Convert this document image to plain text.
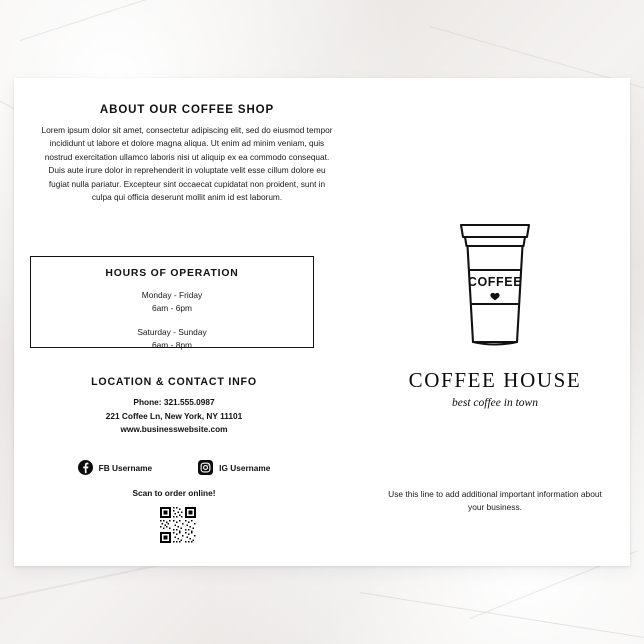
ABOUT OUR COFFEE SHOP
Lorem ipsum dolor sit amet, consectetur adipiscing elit, sed do eiusmod tempor incididunt ut labore et dolore magna aliqua. Ut enim ad minim veniam, quis nostrud exercitation ullamco laboris nisi ut aliquip ex ea commodo consequat. Duis aute irure dolor in reprehenderit in voluptate velit esse cillum dolore eu fugiat nulla pariatur. Excepteur sint occaecat cupidatat non proident, sunt in culpa qui officia deserunt mollit anim id est laborum.
HOURS OF OPERATION
Monday - Friday
6am - 6pm
Saturday - Sunday
6am - 8pm
LOCATION & CONTACT INFO
Phone: 321.555.0987
221 Coffee Ln, New York, NY 11101
www.businesswebsite.com
FB Username	IG Username
Scan to order online!
COFFEE
COFFEE HOUSE
best coffee in town
Use this line to add additional important information about your business.
